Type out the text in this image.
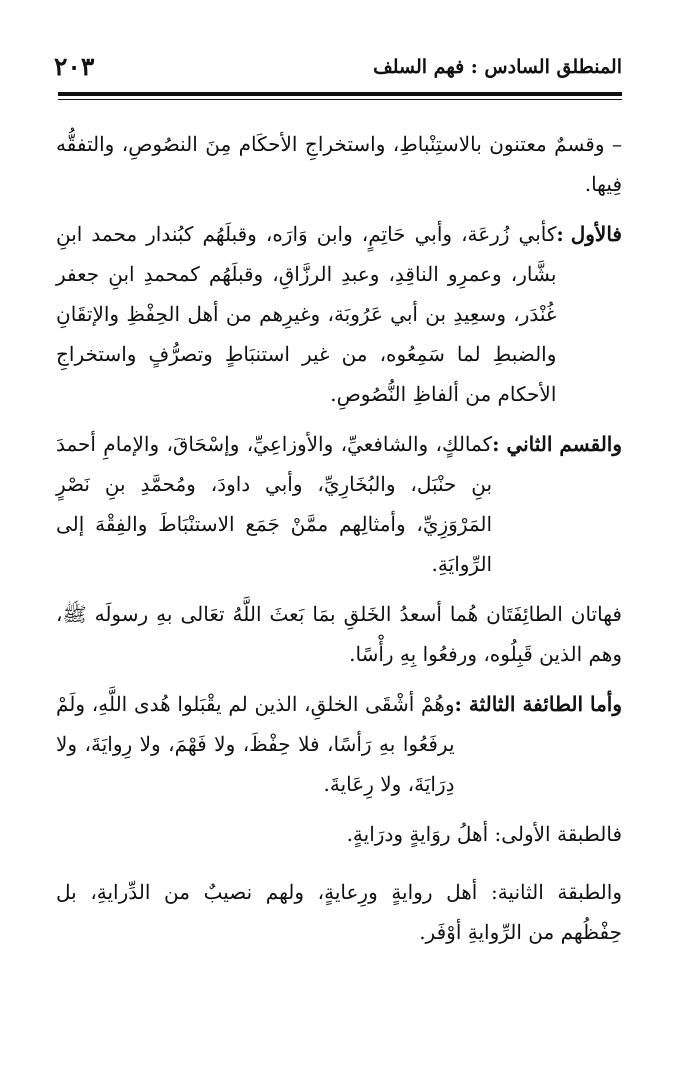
المنطلق السادس : فهم السلف
٢٠٣

– وقسمٌ معتنون بالاستِنْباطِ، واستخراجِ الأحكَام مِنَ النصُوصِ، والتفقُّه فِيها.

فالأول :

كأبي زُرعَة، وأبي حَاتِمٍ، وابن وَارَه، وقبلَهُم كبُندار محمد ابنِ بشَّار، وعمرِو الناقِدِ، وعبدِ الرزَّاقِ، وقبلَهُم كمحمدِ ابنِ جعفر غُنْدَر، وسعِيدِ بن أبي عَرُوبَة، وغيرِهم من أهل الحِفْظِ والإتقَانِ والضبطِ لما سَمِعُوه، من غير استنبَاطٍ وتصرُّفٍ واستخراجِ الأحكام من ألفاظِ النُّصُوصِ.

والقسم الثاني :

كمالكٍ، والشافعيِّ، والأوزاعِيِّ، وإسْحَاقَ، والإمامِ أحمدَ بنِ حنْبَل، والبُخَارِيِّ، وأبي داودَ، ومُحمَّدِ بنِ نَصْرٍ المَرْوَزِيِّ، وأمثالِهم ممَّنْ جَمَع الاستنْبَاطَ والفِقْهَ إلى الرِّوايَةِ.

فهاتان الطائِفَتَان هُما أسعدُ الخَلقِ بمَا بَعثَ اللَّهُ تعَالى بهِ رسولَه ﷺ، وهم الذين قَبِلُوه، ورفعُوا بِهِ رأْسًا.

وأما الطائفة الثالثة :

وهُمْ أشْقَى الخلقِ، الذين لم يقْبَلوا هُدى اللَّهِ، ولَمْ يرفَعُوا بهِ رَأسًا، فلا حِفْظَ، ولا فَهْمَ، ولا رِوايَةَ، ولا دِرَايَةَ، ولا رِعَايةَ.

فالطبقة الأولى: أهلُ روَايةٍ ودرَايةٍ.

والطبقة الثانية: أهل روايةٍ ورِعايةٍ، ولهم نصيبٌ من الدِّرايةِ، بل حِفْظُهم من الرِّوايةِ أوْفَر.
